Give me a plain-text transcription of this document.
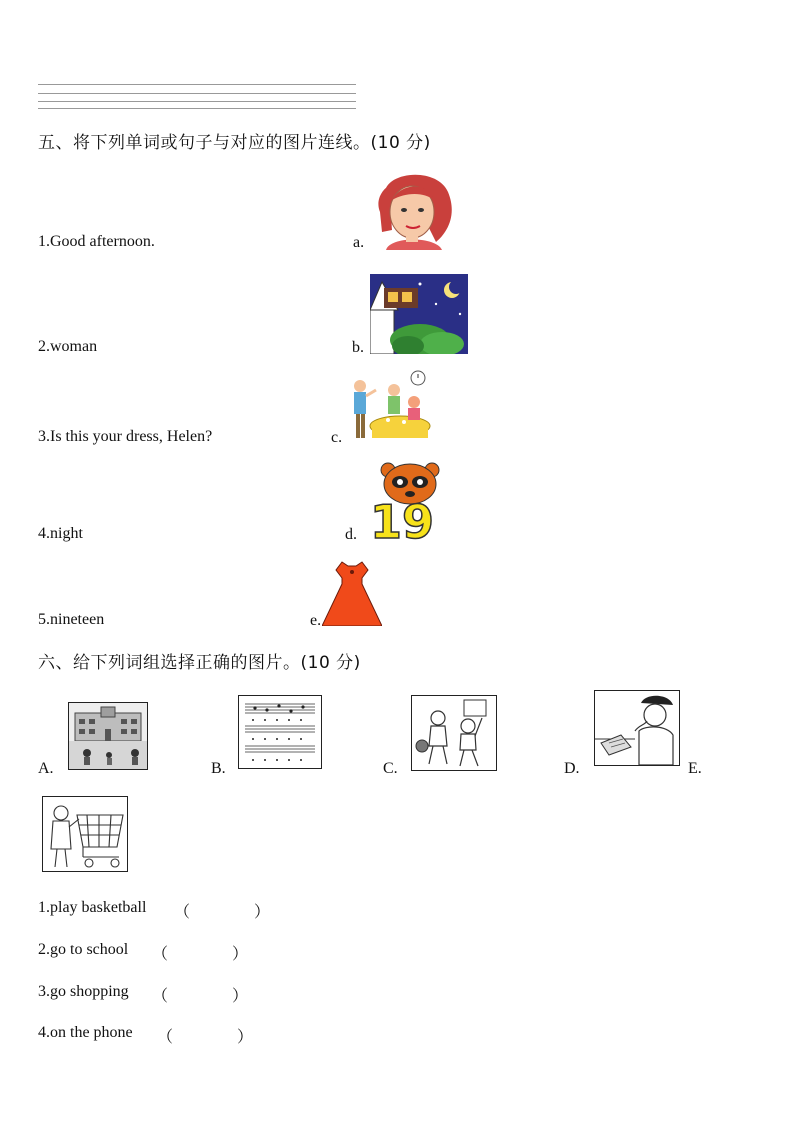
五、将下列单词或句子与对应的图片连线。(10 分)
1.Good afternoon.
2.woman
3.Is this your dress, Helen?
4.night
5.nineteen
a.
b.
c.
d.
e.
19
六、给下列词组选择正确的图片。(10 分)
A.	B.	C.	D.	E.
1.play basketball （　　　　）
2.go to school （　　　　）
3.go shopping （　　　　）
4.on the phone （　　　　）
